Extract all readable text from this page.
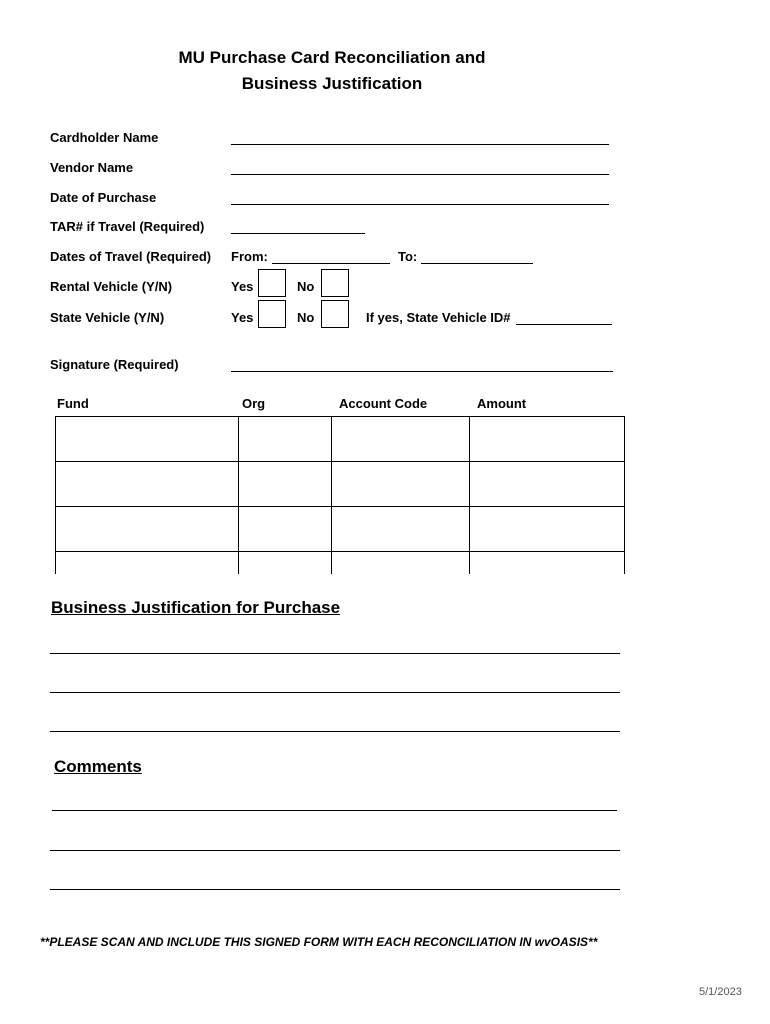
MU Purchase Card Reconciliation and
Business Justification
Cardholder Name
Vendor Name
Date of Purchase
TAR# if Travel (Required)
Dates of Travel (Required) From:	To:
Rental Vehicle (Y/N)	Yes	No
State Vehicle (Y/N)	Yes	No	If yes, State Vehicle ID#
Signature (Required)
Fund	Org	Account Code	Amount

Business Justification for Purchase
Comments
**PLEASE SCAN AND INCLUDE THIS SIGNED FORM WITH EACH RECONCILIATION IN wvOASIS**
5/1/2023
